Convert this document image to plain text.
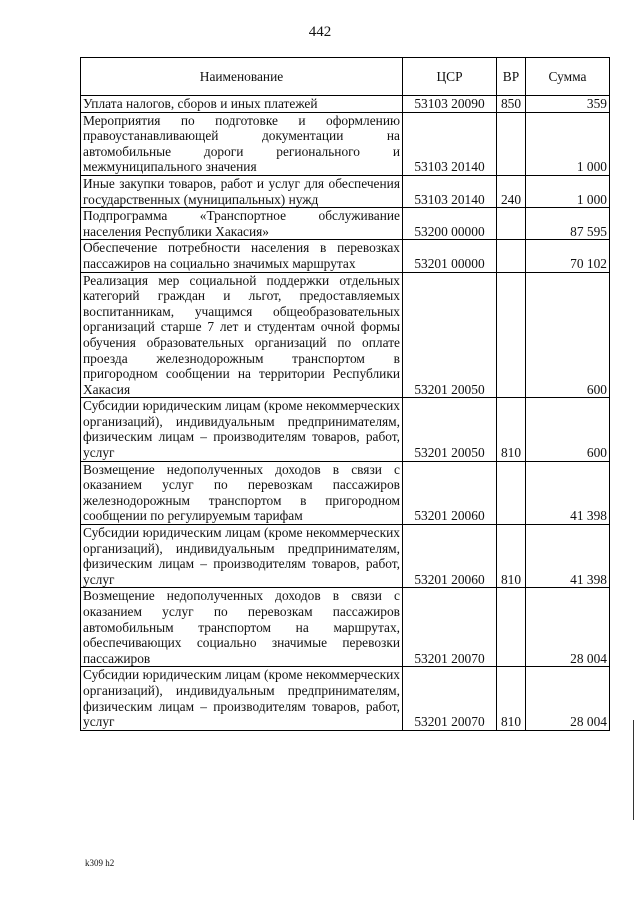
442
Наименование	ЦСР	ВР	Сумма
Уплата налогов, сборов и иных платежей	53103 20090	850	359
Мероприятия по подготовке и оформлению правоустанавливающей документации на автомобильные дороги регионального и межмуниципального значения	53103 20140		1 000
Иные закупки товаров, работ и услуг для обеспечения государственных (муниципальных) нужд	53103 20140	240	1 000
Подпрограмма «Транспортное обслуживание населения Республики Хакасия»	53200 00000		87 595
Обеспечение потребности населения в перевозках пассажиров на социально значимых маршрутах	53201 00000		70 102
Реализация мер социальной поддержки отдельных категорий граждан и льгот, предоставляемых воспитанникам, учащимся общеобразовательных организаций старше 7 лет и студентам очной формы обучения образовательных организаций по оплате проезда железнодорожным транспортом в пригородном сообщении на территории Республики Хакасия	53201 20050		600
Субсидии юридическим лицам (кроме некоммерческих организаций), индивидуальным предпринимателям, физическим лицам – производителям товаров, работ, услуг	53201 20050	810	600
Возмещение недополученных доходов в связи с оказанием услуг по перевозкам пассажиров железнодорожным транспортом в пригородном сообщении по регулируемым тарифам	53201 20060		41 398
Субсидии юридическим лицам (кроме некоммерческих организаций), индивидуальным предпринимателям, физическим лицам – производителям товаров, работ, услуг	53201 20060	810	41 398
Возмещение недополученных доходов в связи с оказанием услуг по перевозкам пассажиров автомобильным транспортом на маршрутах, обеспечивающих социально значимые перевозки пассажиров	53201 20070		28 004
Субсидии юридическим лицам (кроме некоммерческих организаций), индивидуальным предпринимателям, физическим лицам – производителям товаров, работ, услуг	53201 20070	810	28 004
k309 h2
